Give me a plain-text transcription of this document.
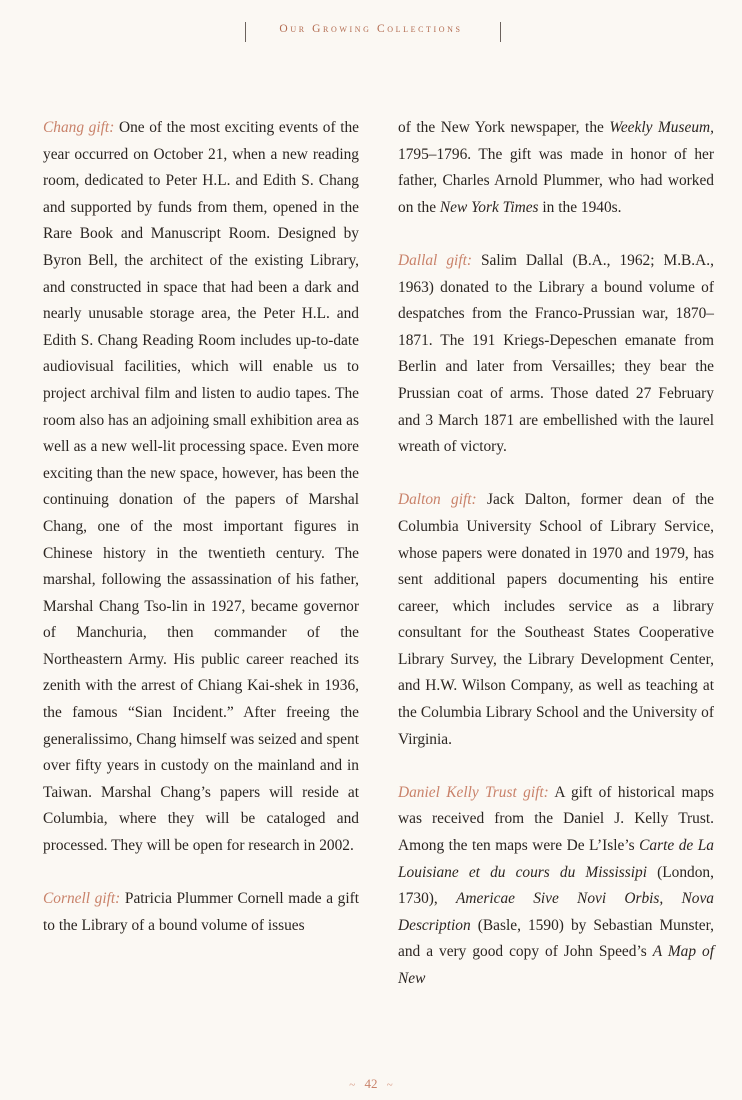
Our Growing Collections

Chang gift: One of the most exciting events of the year occurred on October 21, when a new reading room, dedicated to Peter H.L. and Edith S. Chang and supported by funds from them, opened in the Rare Book and Manuscript Room. Designed by Byron Bell, the architect of the existing Library, and constructed in space that had been a dark and nearly unusable storage area, the Peter H.L. and Edith S. Chang Reading Room includes up-to-date audiovisual facilities, which will enable us to project archival film and listen to audio tapes. The room also has an adjoining small exhibition area as well as a new well-lit processing space. Even more exciting than the new space, however, has been the continuing donation of the papers of Marshal Chang, one of the most important figures in Chinese history in the twentieth century. The marshal, following the assassination of his father, Marshal Chang Tso-lin in 1927, became governor of Manchuria, then commander of the Northeastern Army. His public career reached its zenith with the arrest of Chiang Kai-shek in 1936, the famous “Sian Incident.” After freeing the generalissimo, Chang himself was seized and spent over fifty years in custody on the mainland and in Taiwan. Marshal Chang’s papers will reside at Columbia, where they will be cataloged and processed. They will be open for research in 2002.

Cornell gift: Patricia Plummer Cornell made a gift to the Library of a bound volume of issues

of the New York newspaper, the Weekly Museum, 1795–1796. The gift was made in honor of her father, Charles Arnold Plummer, who had worked on the New York Times in the 1940s.

Dallal gift: Salim Dallal (B.A., 1962; M.B.A., 1963) donated to the Library a bound volume of despatches from the Franco-Prussian war, 1870–1871. The 191 Kriegs-Depeschen emanate from Berlin and later from Versailles; they bear the Prussian coat of arms. Those dated 27 February and 3 March 1871 are embellished with the laurel wreath of victory.

Dalton gift: Jack Dalton, former dean of the Columbia University School of Library Service, whose papers were donated in 1970 and 1979, has sent additional papers documenting his entire career, which includes service as a library consultant for the Southeast States Cooperative Library Survey, the Library Development Center, and H.W. Wilson Company, as well as teaching at the Columbia Library School and the University of Virginia.

Daniel Kelly Trust gift: A gift of historical maps was received from the Daniel J. Kelly Trust. Among the ten maps were De L’Isle’s Carte de La Louisiane et du cours du Mississipi (London, 1730), Americae Sive Novi Orbis, Nova Description (Basle, 1590) by Sebastian Munster, and a very good copy of John Speed’s A Map of New

~ 42 ~
